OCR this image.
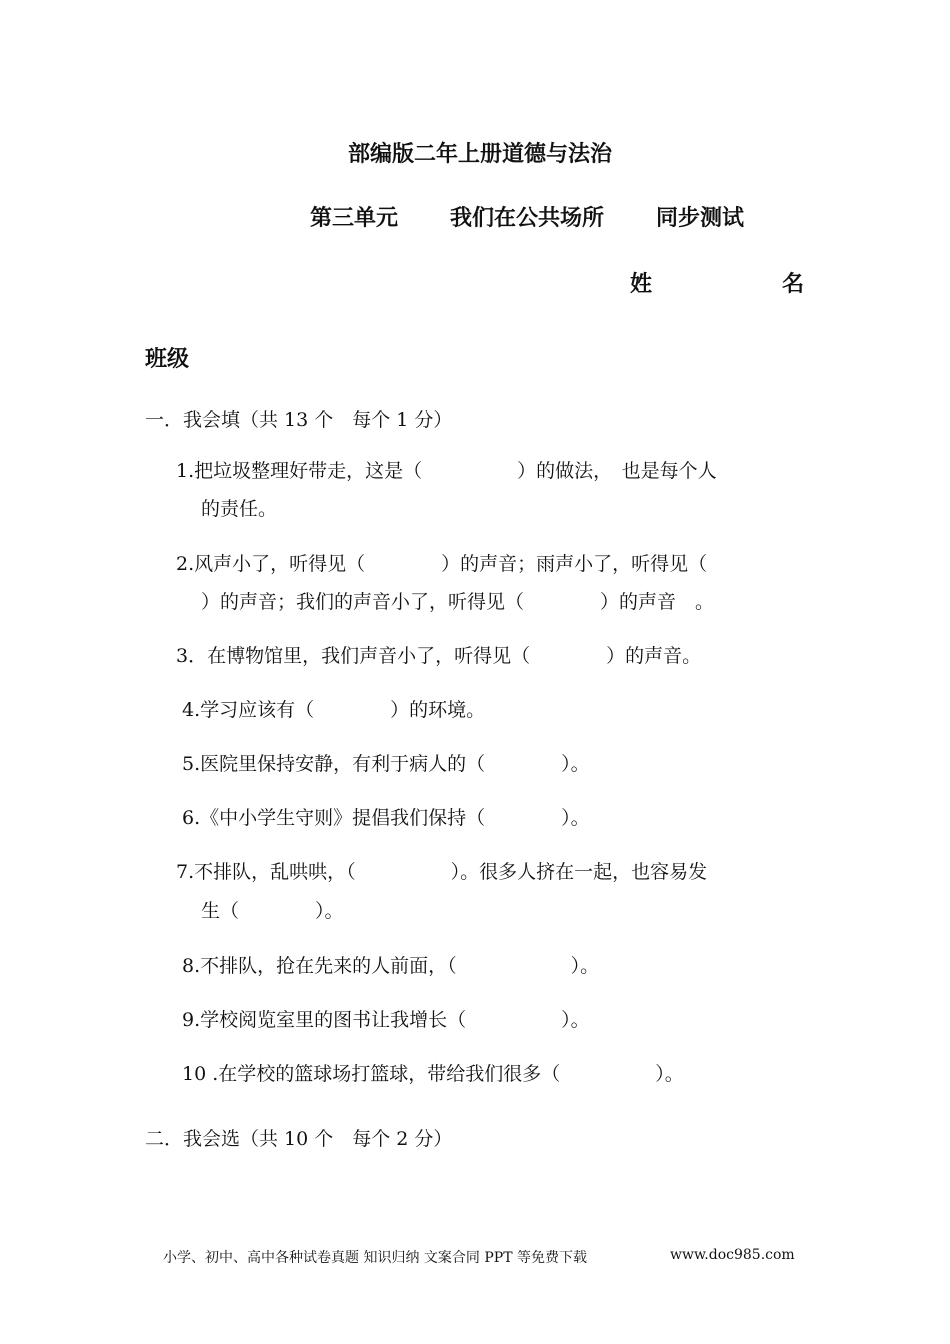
部编版二年上册道德与法治
第三单元 我们在公共场所 同步测试
姓	名
班级
一．我会填（共 13 个　每个 1 分）
1.把垃圾整理好带走，这是（　　　　　）的做法，　也是每个人
的责任。
2.风声小了，听得见（　　　　）的声音；雨声小了，听得见（
）的声音；我们的声音小了，听得见（　　　　）的声音　。
3．在博物馆里，我们声音小了，听得见（　　　　）的声音。
4.学习应该有（　　　　）的环境。
5.医院里保持安静，有利于病人的（　　　　）。
6.《中小学生守则》提倡我们保持（　　　　）。
7.不排队，乱哄哄，（　　　　　）。很多人挤在一起，也容易发
生（　　　　）。
8.不排队，抢在先来的人前面，（　　　　　　）。
9.学校阅览室里的图书让我增长（　　　　　）。
10 .在学校的篮球场打篮球，带给我们很多（　　　　　）。
二．我会选（共 10 个　每个 2 分）
小学、初中、高中各种试卷真题 知识归纳 文案合同 PPT 等免费下载	www.doc985.com
